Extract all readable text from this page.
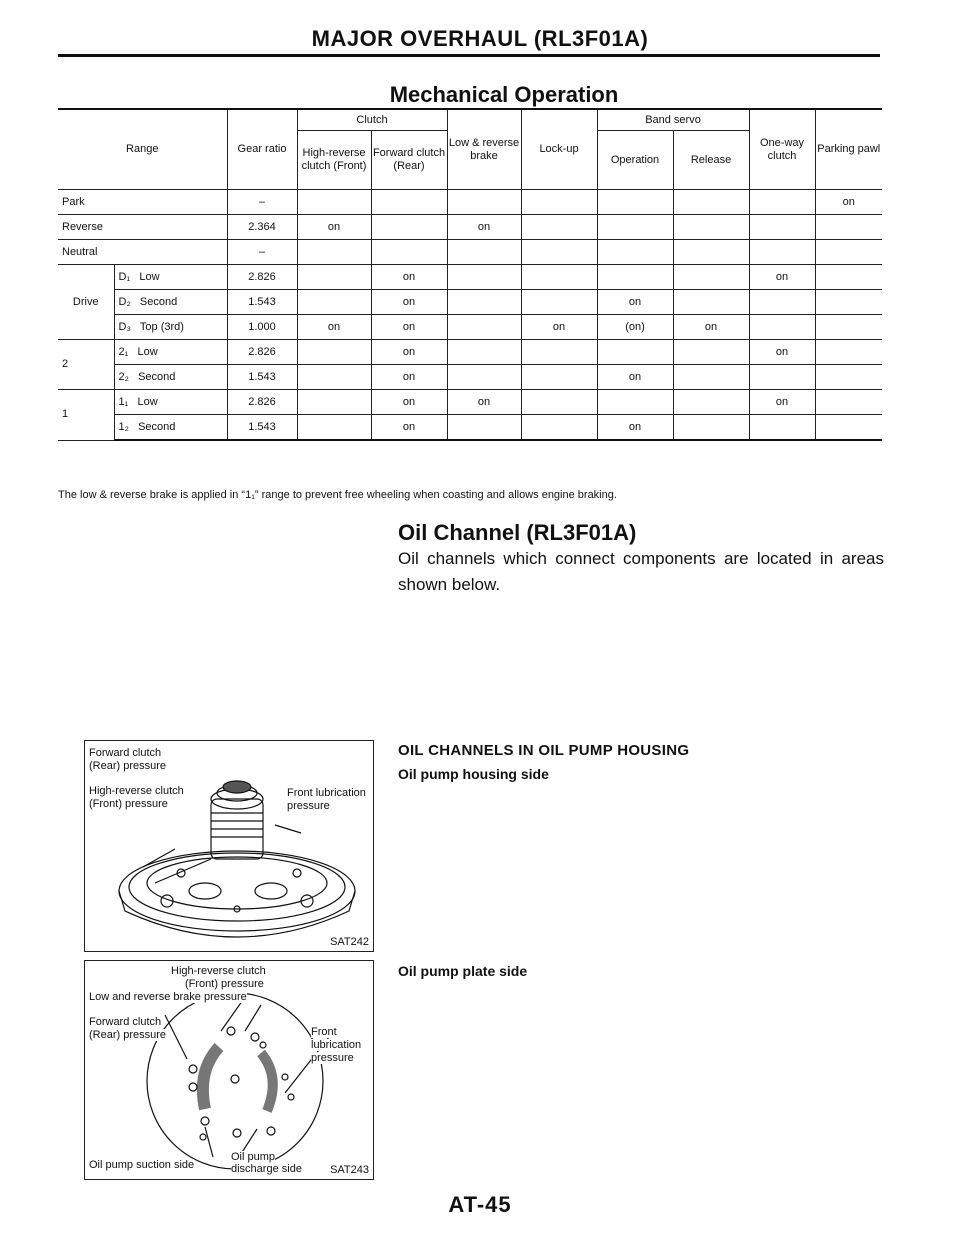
MAJOR OVERHAUL (RL3F01A)
Mechanical Operation
Range		Gear ratio	Clutch		Low & reverse brake	Lock-up	Band servo		One-way clutch	Parking pawl
			High-reverse clutch (Front)	Forward clutch (Rear)			Operation	Release		
Park		–								on
Reverse		2.364	on		on					
Neutral		–								
Drive	D₁ Low	2.826		on					on	
	D₂ Second	1.543		on			on			
	D₃ Top (3rd)	1.000	on	on		on	(on)	on		
2	2₁ Low	2.826		on					on	
	2₂ Second	1.543		on			on			
1	1₁ Low	2.826		on	on				on	
	1₂ Second	1.543		on			on			
The low & reverse brake is applied in “1₁” range to prevent free wheeling when coasting and allows engine braking.
Oil Channel (RL3F01A)
Oil channels which connect components are located in areas shown below.
Forward clutch
(Rear) pressure
High-reverse clutch
(Front) pressure
Front lubrication
pressure
SAT242
OIL CHANNELS IN OIL PUMP HOUSING
Oil pump housing side
High-reverse clutch
(Front) pressure
Low and reverse brake pressure
Forward clutch
(Rear) pressure	Front
lubrication
pressure
Oil pump suction side
Oil pump
discharge side	SAT243
Oil pump plate side
AT-45
